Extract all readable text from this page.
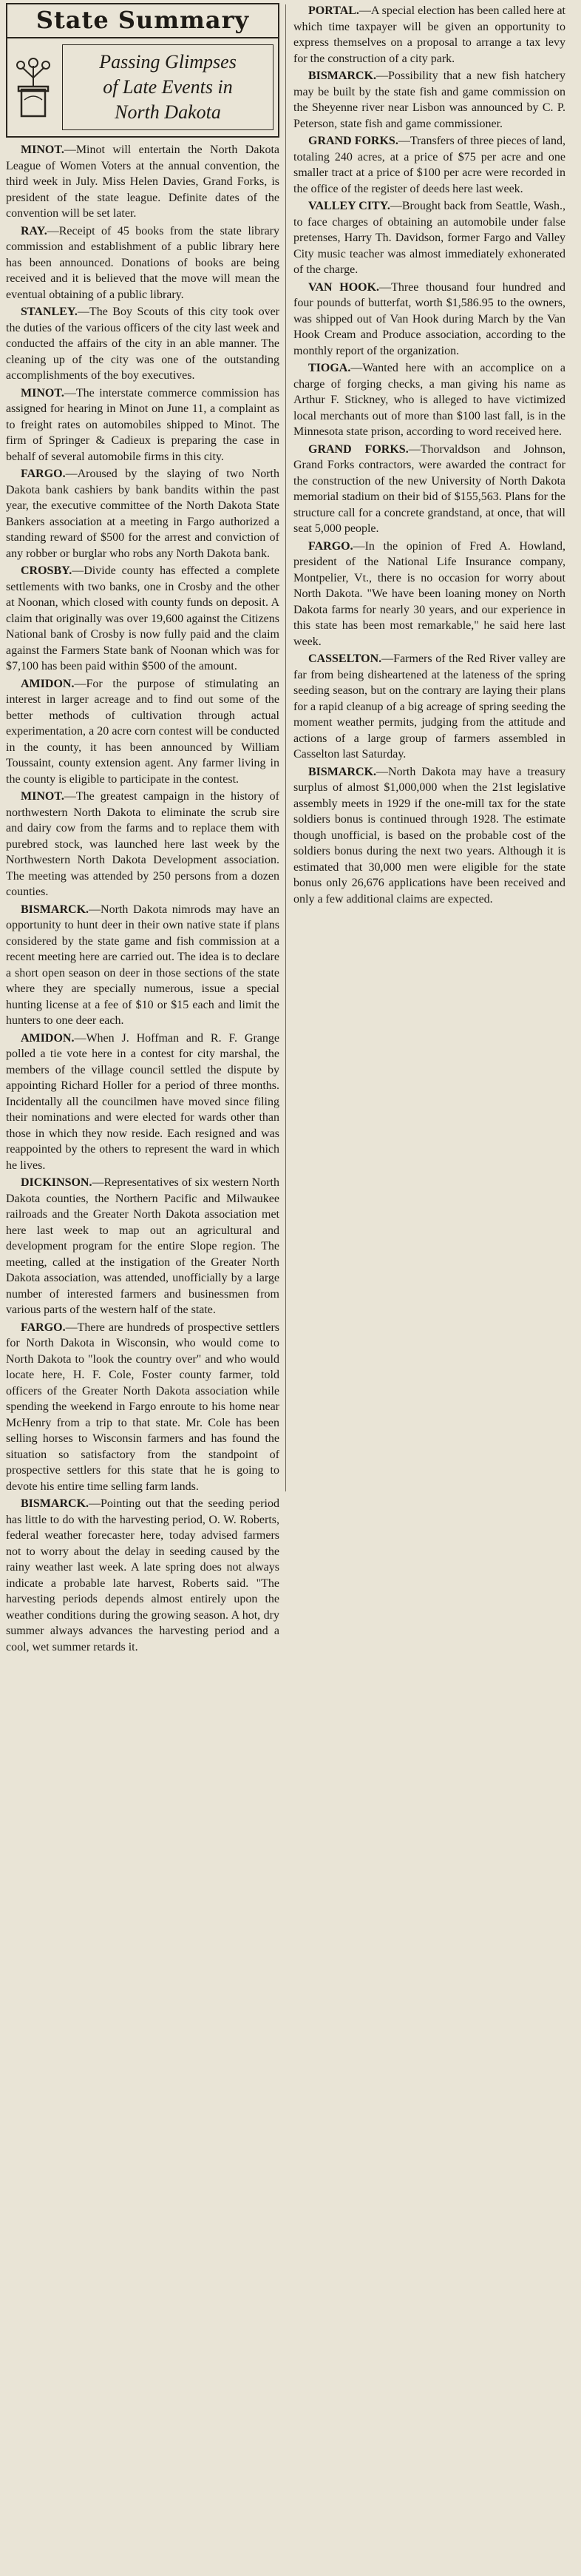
State Summary
Passing Glimpses
of Late Events in
North Dakota

MINOT.—Minot will entertain the North Dakota League of Women Voters at the annual convention, the third week in July. Miss Helen Davies, Grand Forks, is president of the state league. Definite dates of the convention will be set later.

RAY.—Receipt of 45 books from the state library commission and establishment of a public library here has been announced. Donations of books are being received and it is believed that the move will mean the eventual obtaining of a public library.

STANLEY.—The Boy Scouts of this city took over the duties of the various officers of the city last week and conducted the affairs of the city in an able manner. The cleaning up of the city was one of the outstanding accomplishments of the boy executives.

MINOT.—The interstate commerce commission has assigned for hearing in Minot on June 11, a complaint as to freight rates on automobiles shipped to Minot. The firm of Springer & Cadieux is preparing the case in behalf of several automobile firms in this city.

FARGO.—Aroused by the slaying of two North Dakota bank cashiers by bank bandits within the past year, the executive committee of the North Dakota State Bankers association at a meeting in Fargo authorized a standing reward of $500 for the arrest and conviction of any robber or burglar who robs any North Dakota bank.

CROSBY.—Divide county has effected a complete settlements with two banks, one in Crosby and the other at Noonan, which closed with county funds on deposit. A claim that originally was over 19,600 against the Citizens National bank of Crosby is now fully paid and the claim against the Farmers State bank of Noonan which was for $7,100 has been paid within $500 of the amount.

AMIDON.—For the purpose of stimulating an interest in larger acreage and to find out some of the better methods of cultivation through actual experimentation, a 20 acre corn contest will be conducted in the county, it has been announced by William Toussaint, county extension agent. Any farmer living in the county is eligible to participate in the contest.

MINOT.—The greatest campaign in the history of northwestern North Dakota to eliminate the scrub sire and dairy cow from the farms and to replace them with purebred stock, was launched here last week by the Northwestern North Dakota Development association. The meeting was attended by 250 persons from a dozen counties.

BISMARCK.—North Dakota nimrods may have an opportunity to hunt deer in their own native state if plans considered by the state game and fish commission at a recent meeting here are carried out. The idea is to declare a short open season on deer in those sections of the state where they are specially numerous, issue a special hunting license at a fee of $10 or $15 each and limit the hunters to one deer each.

AMIDON.—When J. Hoffman and R. F. Grange polled a tie vote here in a contest for city marshal, the members of the village council settled the dispute by appointing Richard Holler for a period of three months. Incidentally all the councilmen have moved since filing their nominations and were elected for wards other than those in which they now reside. Each resigned and was reappointed by the others to represent the ward in which he lives.

DICKINSON.—Representatives of six western North Dakota counties, the Northern Pacific and Milwaukee railroads and the Greater North Dakota association met here last week to map out an agricultural and development program for the entire Slope region. The meeting, called at the instigation of the Greater North Dakota association, was attended, unofficially by a large number of interested farmers and businessmen from various parts of the western half of the state.

FARGO.—There are hundreds of prospective settlers for North Dakota in Wisconsin, who would come to North Dakota to "look the country over" and who would locate here, H. F. Cole, Foster county farmer, told officers of the Greater North Dakota association while spending the weekend in Fargo enroute to his home near McHenry from a trip to that state. Mr. Cole has been selling horses to Wisconsin farmers and has found the situation so satisfactory from the standpoint of prospective settlers for this state that he is going to devote his entire time selling farm lands.

BISMARCK.—Pointing out that the seeding period has little to do with the harvesting period, O. W. Roberts, federal weather forecaster here, today advised farmers not to worry about the delay in seeding caused by the rainy weather last week. A late spring does not always indicate a probable late harvest, Roberts said. "The harvesting periods depends almost entirely upon the weather conditions during the growing season. A hot, dry summer always advances the harvesting period and a cool, wet summer retards it.

PORTAL.—A special election has been called here at which time taxpayer will be given an opportunity to express themselves on a proposal to arrange a tax levy for the construction of a city park.

BISMARCK.—Possibility that a new fish hatchery may be built by the state fish and game commission on the Sheyenne river near Lisbon was announced by C. P. Peterson, state fish and game commissioner.

GRAND FORKS.—Transfers of three pieces of land, totaling 240 acres, at a price of $75 per acre and one smaller tract at a price of $100 per acre were recorded in the office of the register of deeds here last week.

VALLEY CITY.—Brought back from Seattle, Wash., to face charges of obtaining an automobile under false pretenses, Harry Th. Davidson, former Fargo and Valley City music teacher was almost immediately exhonerated of the charge.

VAN HOOK.—Three thousand four hundred and four pounds of butterfat, worth $1,586.95 to the owners, was shipped out of Van Hook during March by the Van Hook Cream and Produce association, according to the monthly report of the organization.

TIOGA.—Wanted here with an accomplice on a charge of forging checks, a man giving his name as Arthur F. Stickney, who is alleged to have victimized local merchants out of more than $100 last fall, is in the Minnesota state prison, according to word received here.

GRAND FORKS.—Thorvaldson and Johnson, Grand Forks contractors, were awarded the contract for the construction of the new University of North Dakota memorial stadium on their bid of $155,563. Plans for the structure call for a concrete grandstand, at once, that will seat 5,000 people.

FARGO.—In the opinion of Fred A. Howland, president of the National Life Insurance company, Montpelier, Vt., there is no occasion for worry about North Dakota. "We have been loaning money on North Dakota farms for nearly 30 years, and our experience in this state has been most remarkable," he said here last week.

CASSELTON.—Farmers of the Red River valley are far from being disheartened at the lateness of the spring seeding season, but on the contrary are laying their plans for a rapid cleanup of a big acreage of spring seeding the moment weather permits, judging from the attitude and actions of a large group of farmers assembled in Casselton last Saturday.

BISMARCK.—North Dakota may have a treasury surplus of almost $1,000,000 when the 21st legislative assembly meets in 1929 if the one-mill tax for the state soldiers bonus is continued through 1928. The estimate though unofficial, is based on the probable cost of the soldiers bonus during the next two years. Although it is estimated that 30,000 men were eligible for the state bonus only 26,676 applications have been received and only a few additional claims are expected.
